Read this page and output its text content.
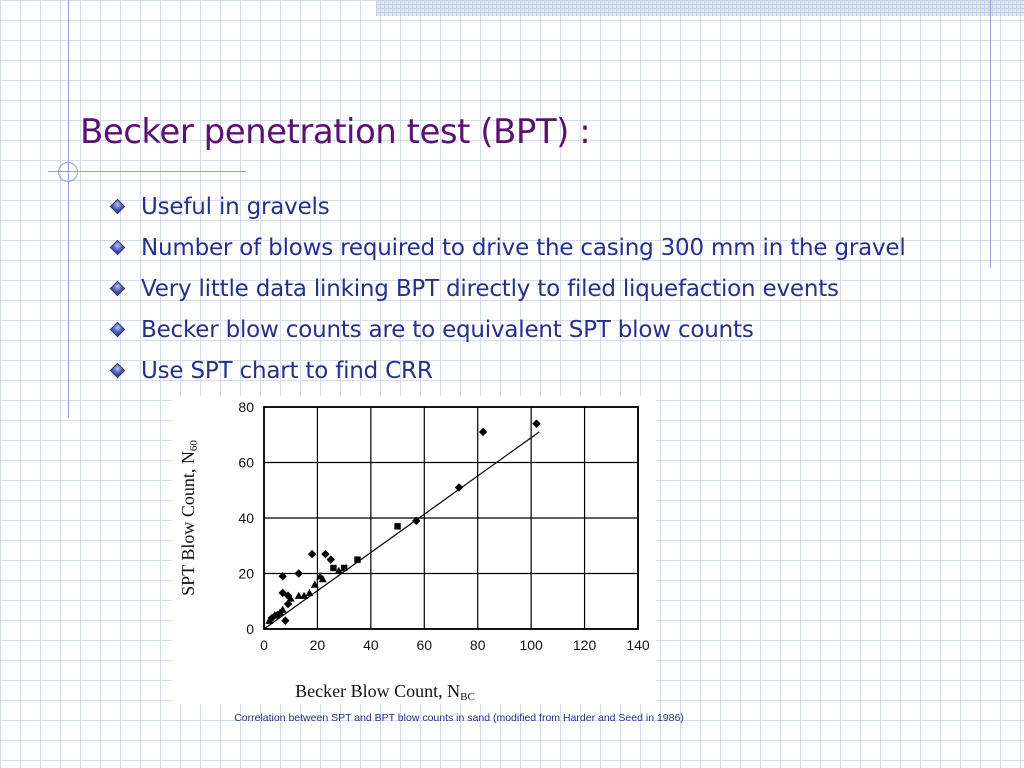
Becker penetration test (BPT) :
Useful in gravels
Number of blows required to drive the casing 300 mm in the gravel
Very little data linking BPT directly to filed liquefaction events
Becker blow counts are to equivalent SPT blow counts
Use SPT chart to find CRR
0	20	40	60	80 100 120 140
0
20
40
60
80
Becker Blow Count, NBC
SPT Blow Count, N60
Correlation between SPT and BPT blow counts in sand (modified from Harder and Seed in 1986)
